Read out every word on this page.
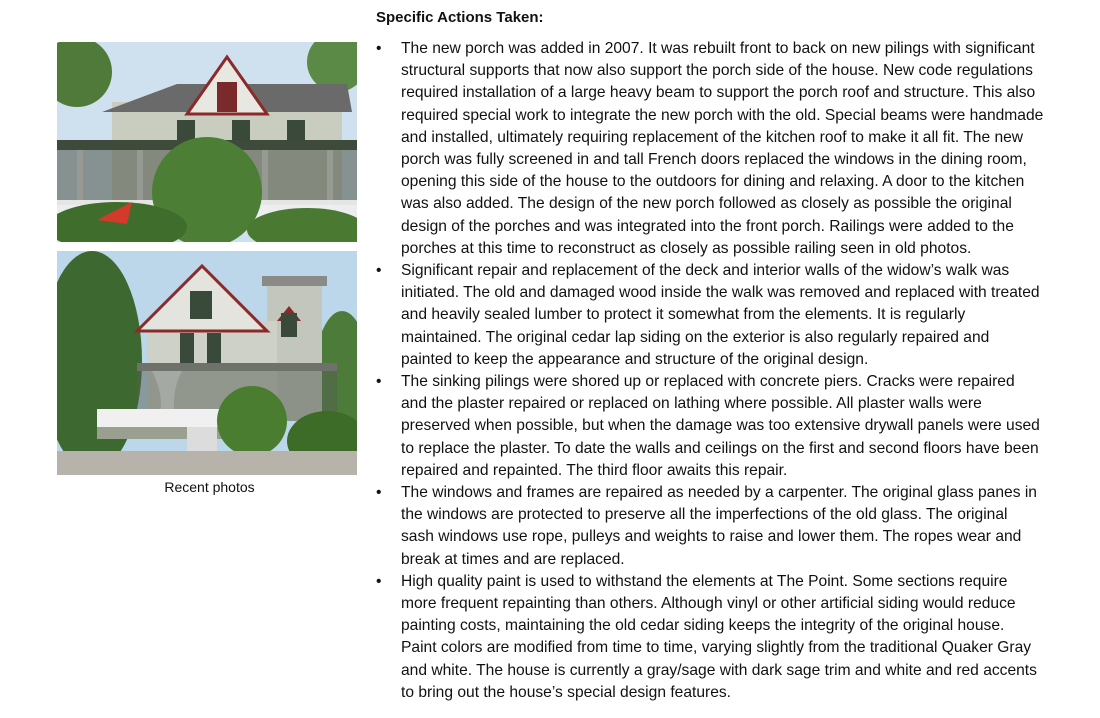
Recent photos
Specific Actions Taken:
• The new porch was added in 2007. It was rebuilt front to back on new pilings with significant structural supports that now also support the porch side of the house. New code regulations required installation of a large heavy beam to support the porch roof and structure. This also required special work to integrate the new porch with the old. Special beams were handmade and installed, ultimately requiring replacement of the kitchen roof to make it all fit. The new porch was fully screened in and tall French doors replaced the windows in the dining room, opening this side of the house to the outdoors for dining and relaxing. A door to the kitchen was also added. The design of the new porch followed as closely as possible the original design of the porches and was integrated into the front porch. Railings were added to the porches at this time to reconstruct as closely as possible railing seen in old photos.
• Significant repair and replacement of the deck and interior walls of the widow’s walk was initiated. The old and damaged wood inside the walk was removed and replaced with treated and heavily sealed lumber to protect it somewhat from the elements. It is regularly maintained. The original cedar lap siding on the exterior is also regularly repaired and painted to keep the appearance and structure of the original design.
• The sinking pilings were shored up or replaced with concrete piers. Cracks were repaired and the plaster repaired or replaced on lathing where possible. All plaster walls were preserved when possible, but when the damage was too extensive drywall panels were used to replace the plaster. To date the walls and ceilings on the first and second floors have been repaired and repainted. The third floor awaits this repair.
• The windows and frames are repaired as needed by a carpenter. The original glass panes in the windows are protected to preserve all the imperfections of the old glass. The original sash windows use rope, pulleys and weights to raise and lower them. The ropes wear and break at times and are replaced.
• High quality paint is used to withstand the elements at The Point. Some sections require more frequent repainting than others. Although vinyl or other artificial siding would reduce painting costs, maintaining the old cedar siding keeps the integrity of the original house. Paint colors are modified from time to time, varying slightly from the traditional Quaker Gray and white. The house is currently a gray/sage with dark sage trim and white and red accents to bring out the house’s special design features.
